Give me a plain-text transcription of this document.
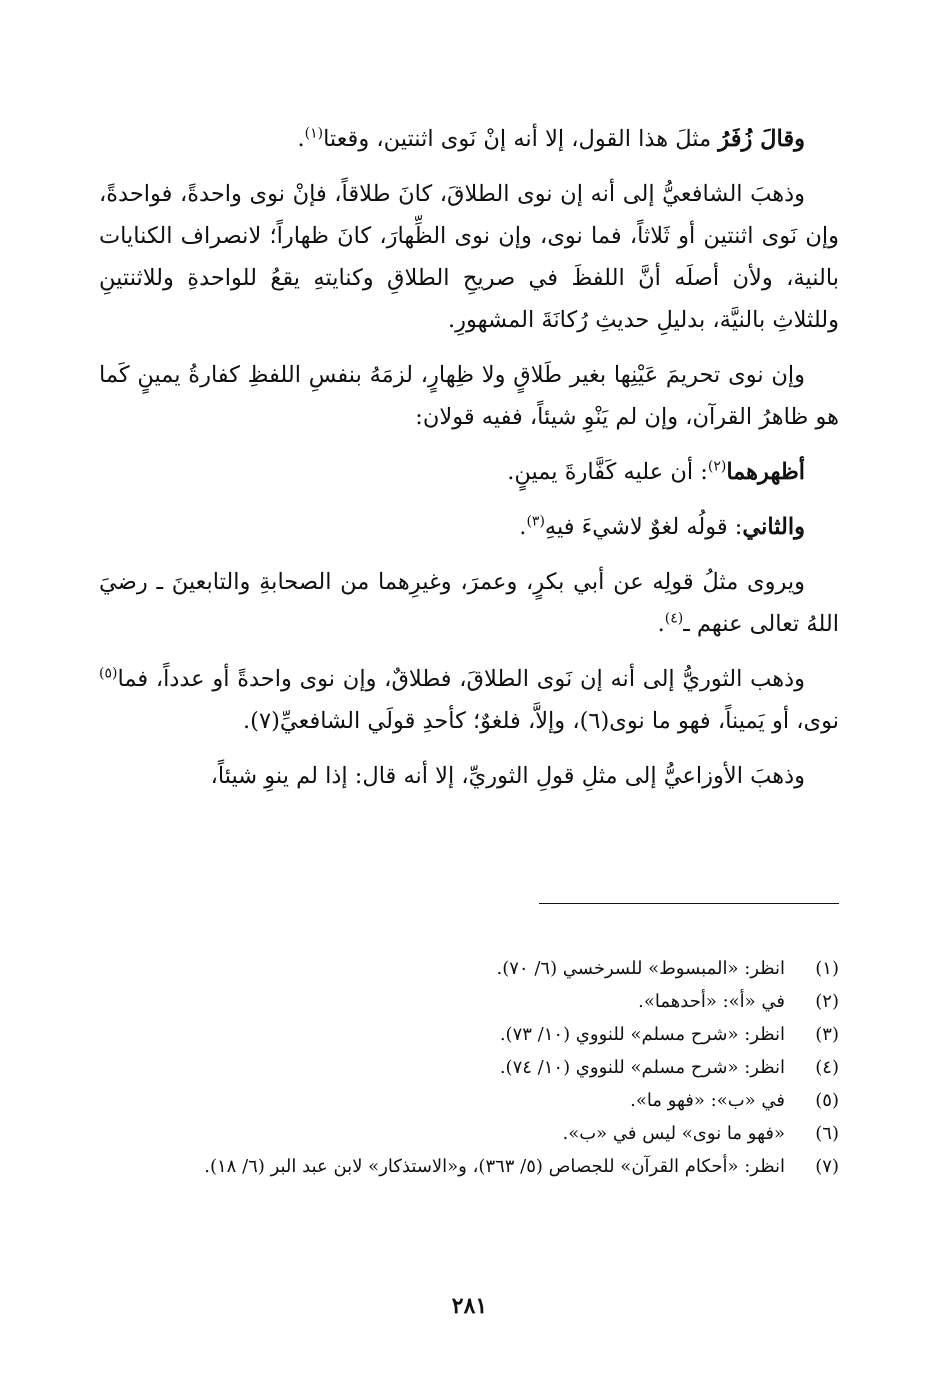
وقالَ زُفَرُ مثلَ هذا القول، إلا أنه إنْ نَوى اثنتين، وقعتا$^{(١)}$.

وذهبَ الشافعيُّ إلى أنه إن نوى الطلاقَ، كانَ طلاقاً، فإنْ نوى واحدةً، فواحدةً، وإن نَوى اثنتين أو ثَلاثاً، فما نوى، وإن نوى الظِّهارَ، كانَ ظهاراً؛ لانصراف الكنايات بالنية، ولأن أصلَه أنَّ اللفظَ في صريحِ الطلاقِ وكنايتهِ يقعُ للواحدةِ وللاثنتينِ وللثلاثِ بالنيَّة، بدليلِ حديثِ رُكانَةَ المشهورِ.

وإن نوى تحريمَ عَيْنِها بغير طَلاقٍ ولا ظِهارٍ، لزمَهُ بنفسِ اللفظِ كفارةُ يمينٍ كَما هو ظاهرُ القرآن، وإن لم يَنْوِ شيئاً، ففيه قولان:

أظهرهما$^{(٢)}$: أن عليه كَفَّارةَ يمينٍ.

والثاني: قولُه لغوٌ لاشيءَ فيهِ$^{(٣)}$.

ويروى مثلُ قولِه عن أبي بكرٍ، وعمرَ، وغيرِهما من الصحابةِ والتابعينَ ـ رضيَ اللهُ تعالى عنهم ـ$^{(٤)}$.

وذهب الثوريُّ إلى أنه إن نَوى الطلاقَ، فطلاقٌ، وإن نوى واحدةً أو عدداً، فما$^{(٥)}$ نوى، أو يَميناً، فهو ما نوى(٦)، وإلاَّ، فلغوٌ؛ كأحدِ قولَي الشافعيِّ(٧).

وذهبَ الأوزاعيُّ إلى مثلِ قولِ الثوريِّ، إلا أنه قال: إذا لم ينوِ شيئاً،

(١)
انظر: «المبسوط» للسرخسي (٦/ ٧٠).
(٢)
في «أ»: «أحدهما».
(٣)
انظر: «شرح مسلم» للنووي (١٠/ ٧٣).
(٤)
انظر: «شرح مسلم» للنووي (١٠/ ٧٤).
(٥)
في «ب»: «فهو ما».
(٦)
«فهو ما نوى» ليس في «ب».
(٧)
انظر: «أحكام القرآن» للجصاص (٥/ ٣٦٣)، و«الاستذكار» لابن عبد البر (٦/ ١٨).
٢٨١
